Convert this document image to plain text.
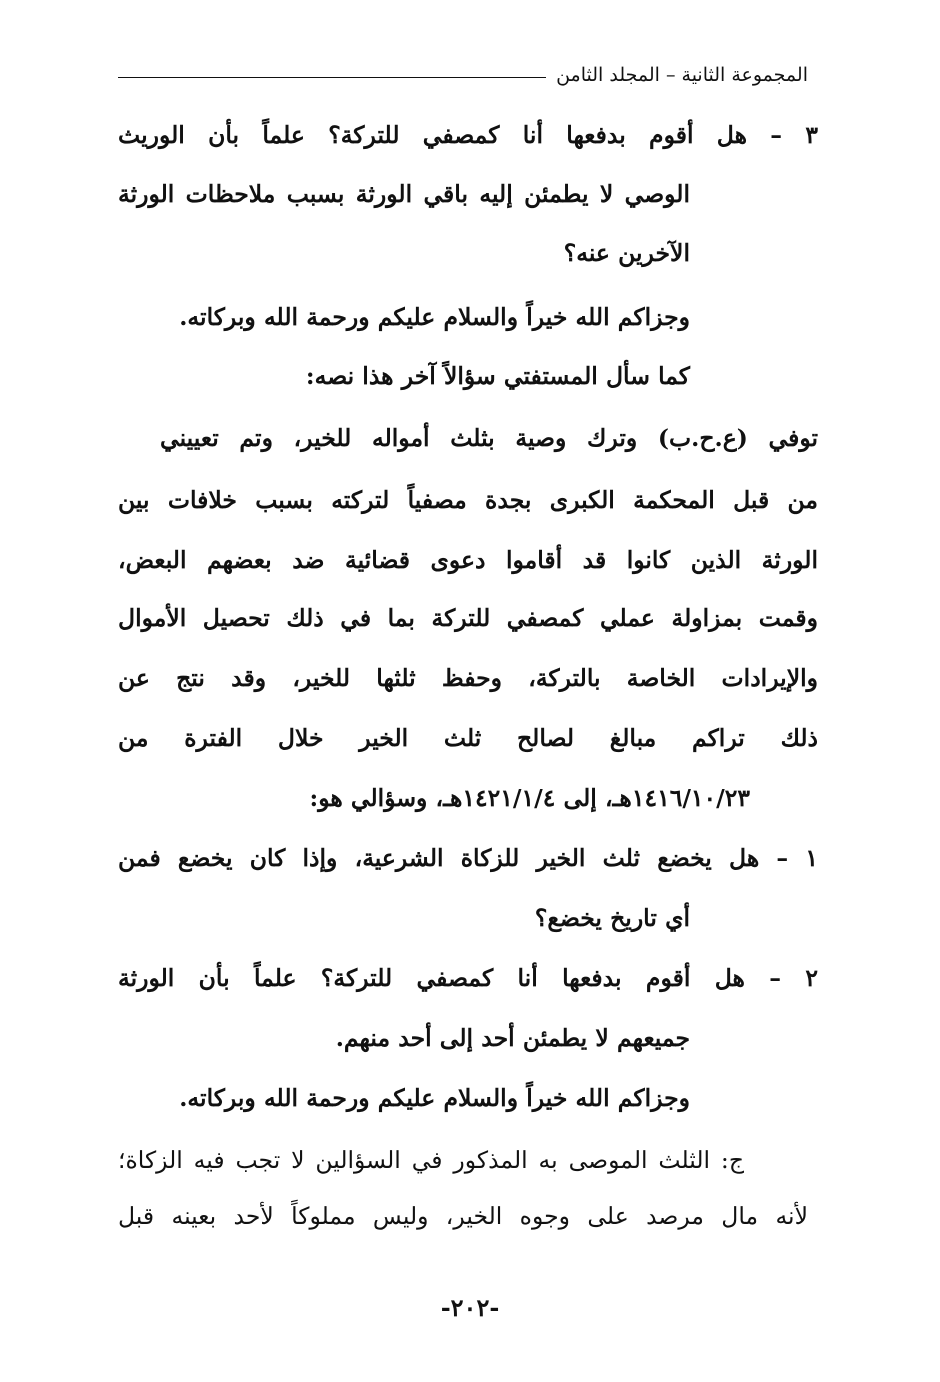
المجموعة الثانية – المجلد الثامن
٣ – هل أقوم بدفعها أنا كمصفي للتركة؟ علماً بأن الوريث
الوصي لا يطمئن إليه باقي الورثة بسبب ملاحظات الورثة
الآخرين عنه؟
وجزاكم الله خيراً والسلام عليكم ورحمة الله وبركاته.
كما سأل المستفتي سؤالاً آخر هذا نصه:
توفي (ع.ح.ب) وترك وصية بثلث أمواله للخير، وتم تعييني
من قبل المحكمة الكبرى بجدة مصفياً لتركته بسبب خلافات بين
الورثة الذين كانوا قد أقاموا دعوى قضائية ضد بعضهم البعض،
وقمت بمزاولة عملي كمصفي للتركة بما في ذلك تحصيل الأموال
والإيرادات الخاصة بالتركة، وحفظ ثلثها للخير، وقد نتج عن
ذلك تراكم مبالغ لصالح ثلث الخير خلال الفترة من
١٤١٦/١٠/٢٣هـ، إلى ١٤٢١/١/٤هـ، وسؤالي هو:
١ – هل يخضع ثلث الخير للزكاة الشرعية، وإذا كان يخضع فمن
أي تاريخ يخضع؟
٢ – هل أقوم بدفعها أنا كمصفي للتركة؟ علماً بأن الورثة
جميعهم لا يطمئن أحد إلى أحد منهم.
وجزاكم الله خيراً والسلام عليكم ورحمة الله وبركاته.
ج: الثلث الموصى به المذكور في السؤالين لا تجب فيه الزكاة؛
لأنه مال مرصد على وجوه الخير، وليس مملوكاً لأحد بعينه قبل
-٢٠٢-
